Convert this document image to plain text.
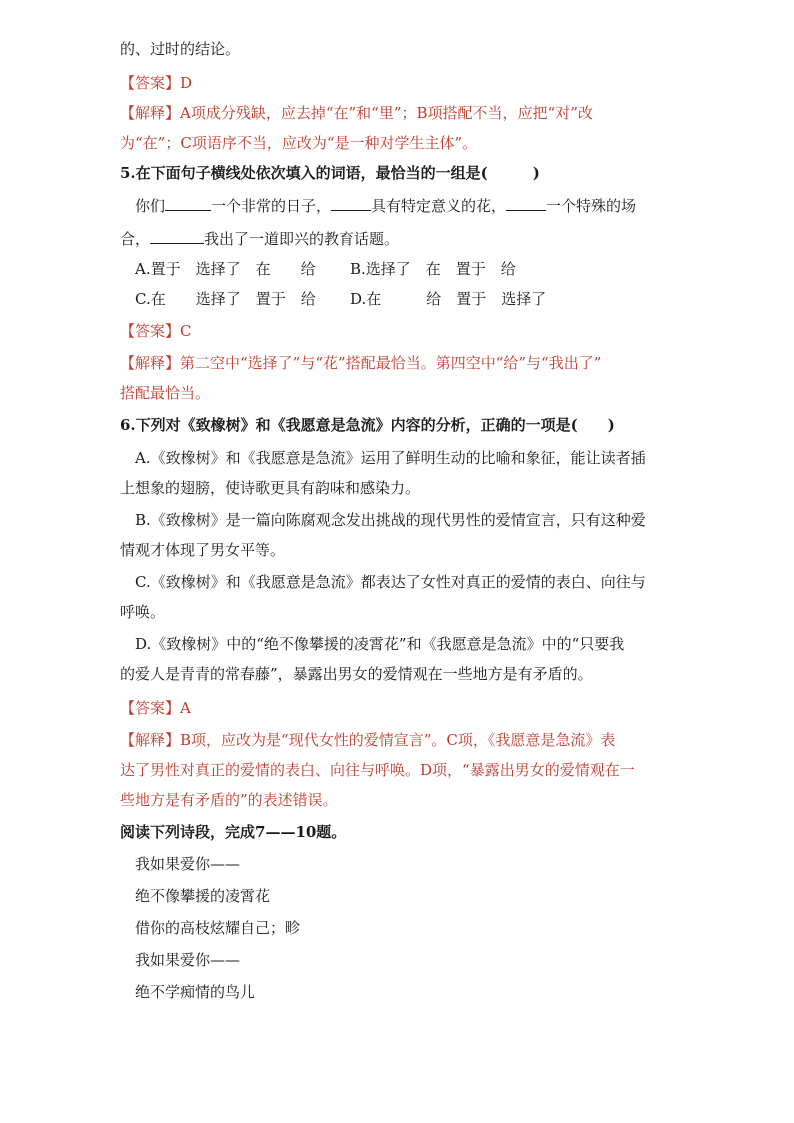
的、过时的结论。
【答案】D
【解释】A项成分残缺，应去掉“在”和“里”；B项搭配不当，应把“对”改
为“在”；C项语序不当，应改为“是一种对学生主体”。
5.在下面句子横线处依次填入的词语，最恰当的一组是(　　　)
你们	一个非常的日子，	具有特定意义的花，	一个特殊的场
合，	我出了一道即兴的教育话题。
A.置于　选择了　在　　给 B.选择了　在　置于　给
C.在　　选择了　置于　给 D.在　　　给　置于　选择了
【答案】C
【解释】第二空中“选择了”与“花”搭配最恰当。第四空中“给”与“我出了”
搭配最恰当。
6.下列对《致橡树》和《我愿意是急流》内容的分析，正确的一项是(　　)
A.《致橡树》和《我愿意是急流》运用了鲜明生动的比喻和象征，能让读者插
上想象的翅膀，使诗歌更具有韵味和感染力。
B.《致橡树》是一篇向陈腐观念发出挑战的现代男性的爱情宣言，只有这种爱
情观才体现了男女平等。
C.《致橡树》和《我愿意是急流》都表达了女性对真正的爱情的表白、向往与
呼唤。
D.《致橡树》中的“绝不像攀援的凌霄花”和《我愿意是急流》中的“只要我
的爱人是青青的常春藤”，暴露出男女的爱情观在一些地方是有矛盾的。
【答案】A
【解释】B项，应改为是“现代女性的爱情宣言”。C项，《我愿意是急流》表
达了男性对真正的爱情的表白、向往与呼唤。D项，“暴露出男女的爱情观在一
些地方是有矛盾的”的表述错误。
阅读下列诗段，完成7——10题。
我如果爱你——
绝不像攀援的凌霄花
借你的高枝炫耀自己；畛
我如果爱你——
绝不学痴情的鸟儿
